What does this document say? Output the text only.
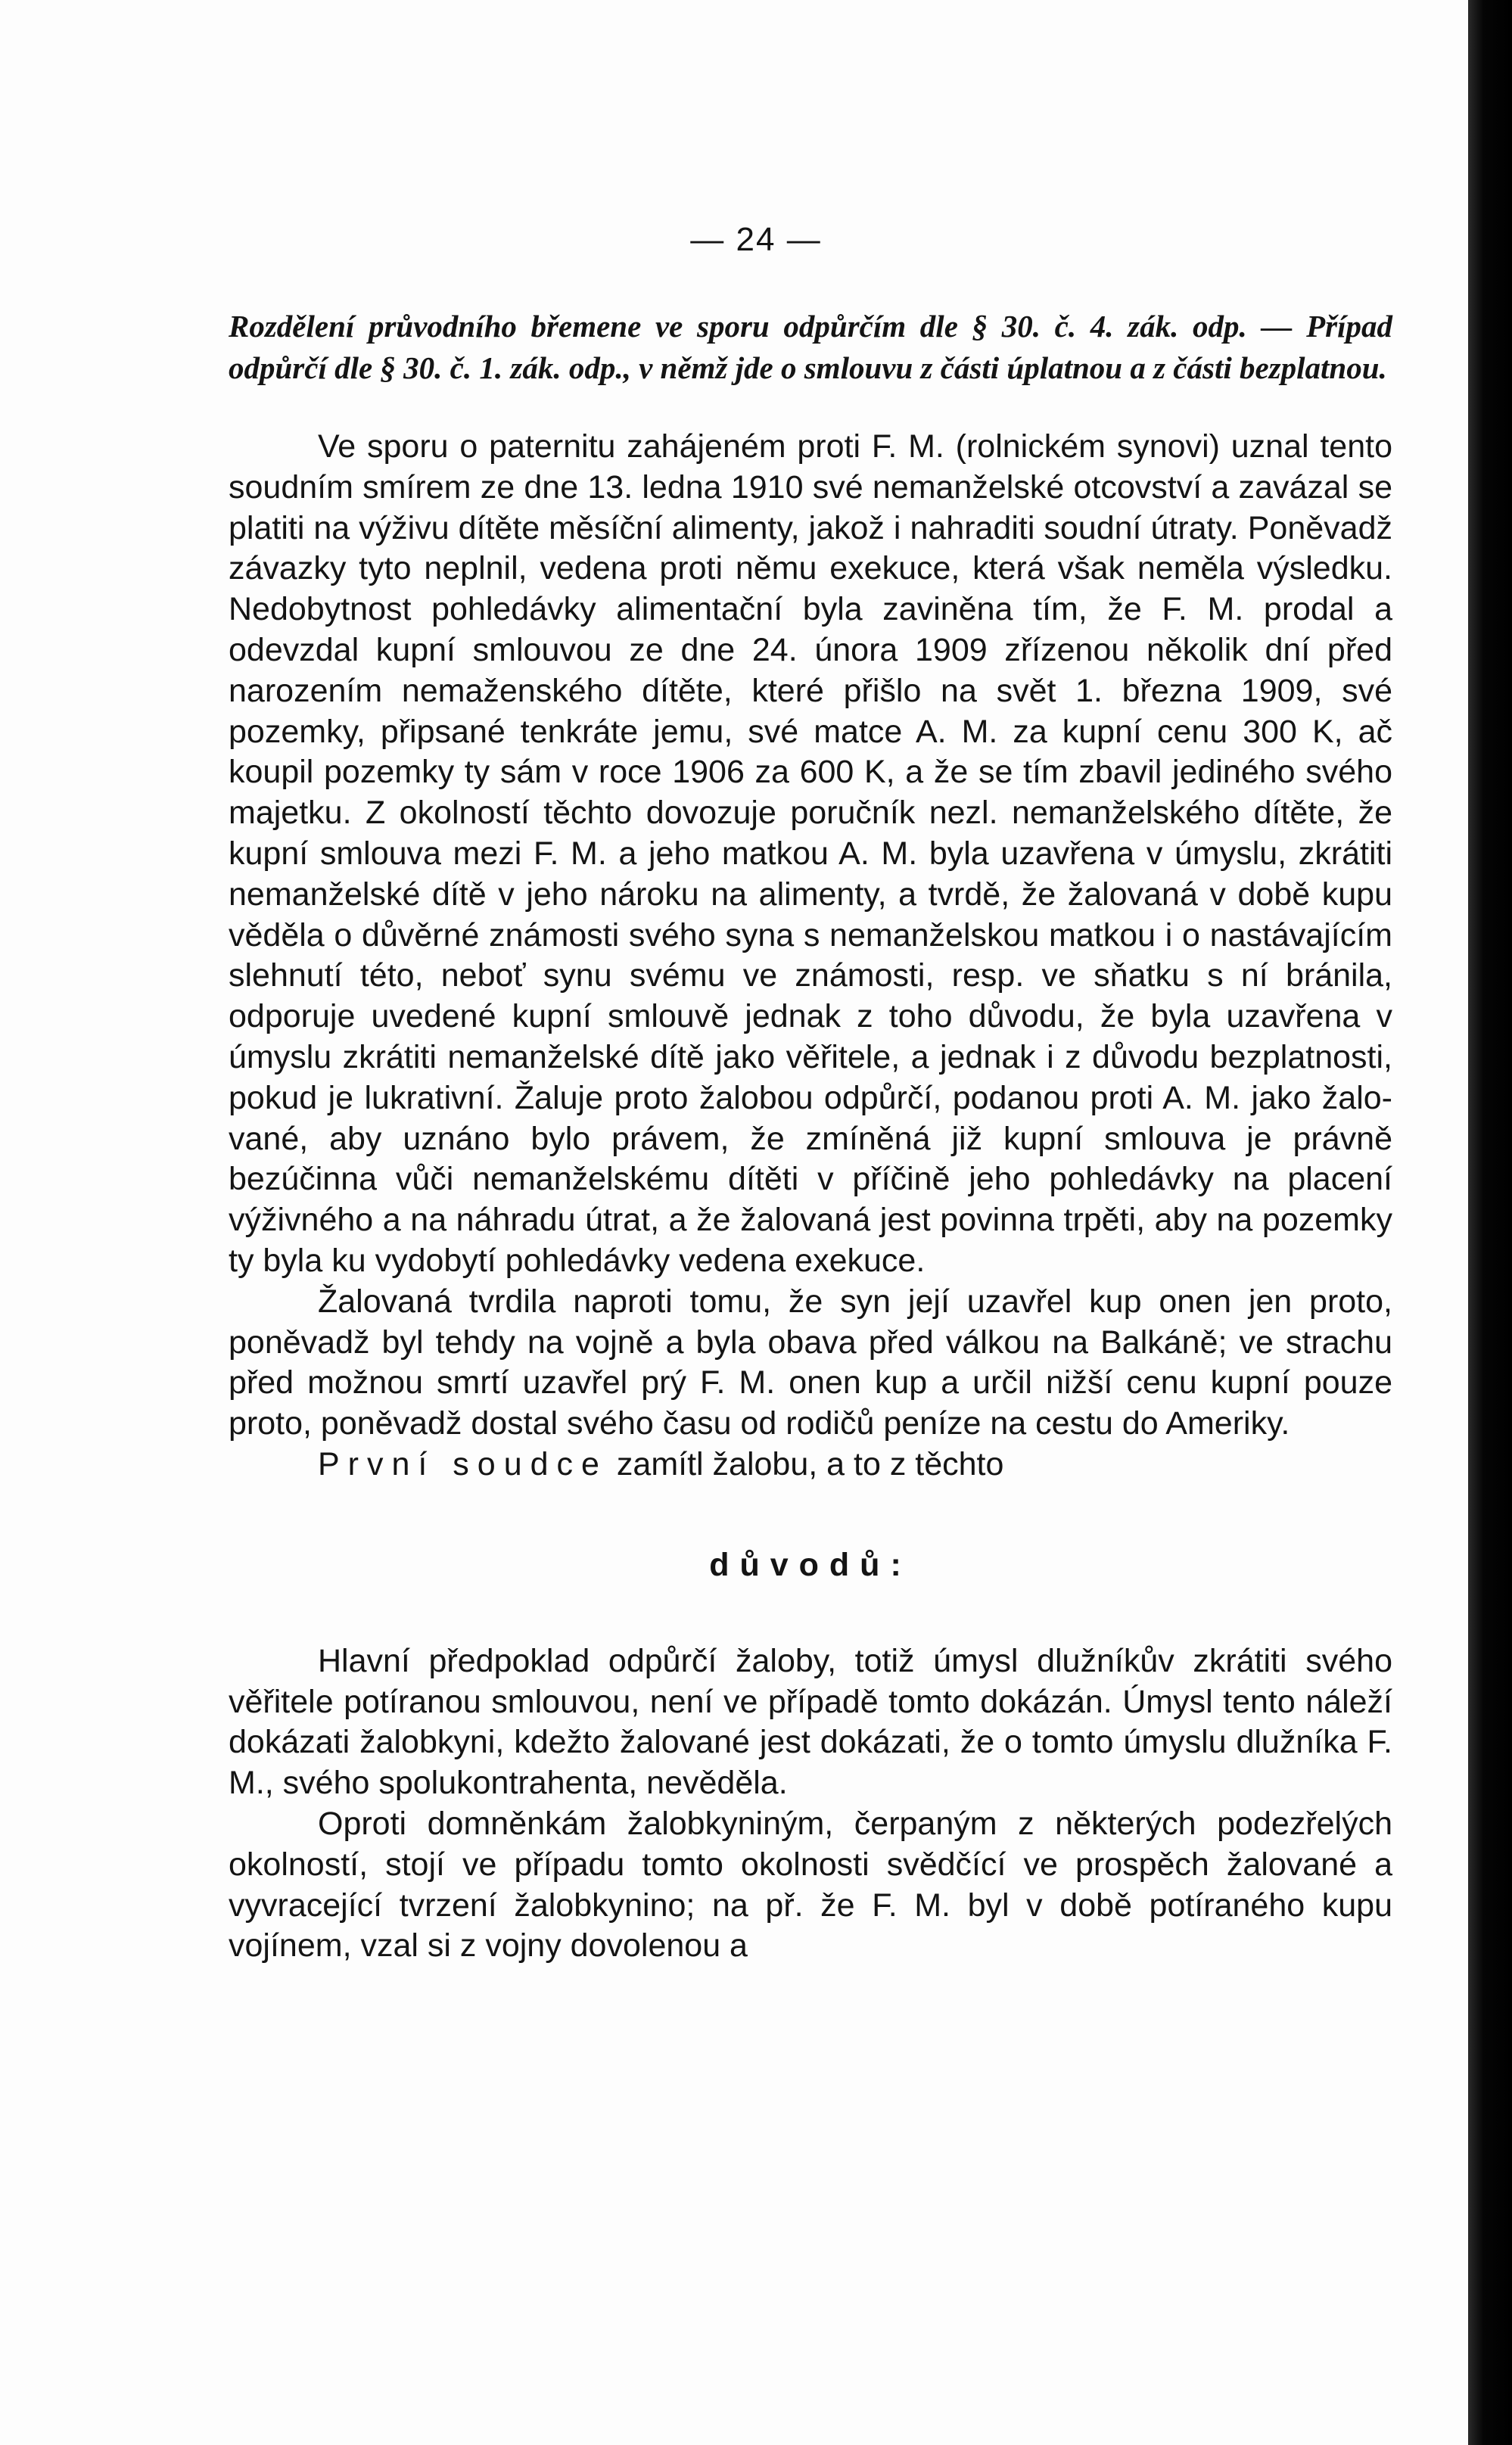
— 24 —

Rozdělení průvodního břemene ve sporu odpůrčím dle § 30. č. 4. zák. odp. — Případ odpůrčí dle § 30. č. 1. zák. odp., v němž jde o smlouvu z části úplatnou a z části bezplatnou.

Ve sporu o paternitu zahájeném proti F. M. (rolnickém synovi) uznal tento soudním smírem ze dne 13. ledna 1910 své nemanželské otcovství a zavázal se platiti na výživu dítěte měsíční alimenty, jakož i nahraditi soudní útraty. Poněvadž závazky tyto neplnil, vedena proti němu exekuce, která však neměla výsledku. Nedobytnost pohledávky alimentační byla zaviněna tím, že F. M. prodal a odevzdal kupní smlouvou ze dne 24. února 1909 zřízenou několik dní před narozením nemaženského dítěte, které přišlo na svět 1. března 1909, své pozemky, připsané tenkráte jemu, své matce A. M. za kupní cenu 300 K, ač koupil pozemky ty sám v roce 1906 za 600 K, a že se tím zbavil jediného svého majetku. Z okolností těchto dovozuje poručník nezl. nemanželského dítěte, že kupní smlouva mezi F. M. a jeho matkou A. M. byla uzavřena v úmyslu, zkrátiti nemanželské dítě v jeho nároku na alimenty, a tvrdě, že žalovaná v době kupu věděla o důvěrné známosti svého syna s nemanželskou matkou i o nastávajícím slehnutí této, neboť synu svému ve známosti, resp. ve sňatku s ní bránila, odporuje uvedené kupní smlouvě jednak z toho důvodu, že byla uzavřena v úmyslu zkrátiti nemanželské dítě jako věřitele, a jednak i z důvodu bezplatnosti, pokud je lukrativní. Žaluje proto žalobou odpůrčí, podanou proti A. M. jako žalované, aby uznáno bylo právem, že zmíněná již kupní smlouva je právně bezúčinna vůči nemanželskému dítěti v příčině jeho pohledávky na placení výživného a na náhradu útrat, a že žalovaná jest povinna trpěti, aby na pozemky ty byla ku vydobytí pohledávky vedena exekuce.

Žalovaná tvrdila naproti tomu, že syn její uzavřel kup onen jen proto, poněvadž byl tehdy na vojně a byla obava před válkou na Balkáně; ve strachu před možnou smrtí uzavřel prý F. M. onen kup a určil nižší cenu kupní pouze proto, poněvadž dostal svého času od rodičů peníze na cestu do Ameriky.

První soudce zamítl žalobu, a to z těchto

důvodů:

Hlavní předpoklad odpůrčí žaloby, totiž úmysl dlužníkův zkrátiti svého věřitele potíranou smlouvou, není ve případě tomto dokázán. Úmysl tento náleží dokázati žalobkyni, kdežto žalované jest dokázati, že o tomto úmyslu dlužníka F. M., svého spolukontrahenta, nevěděla.

Oproti domněnkám žalobkyniným, čerpaným z některých podezřelých okolností, stojí ve případu tomto okolnosti svědčící ve prospěch žalované a vyvracející tvrzení žalobkynino; na př. že F. M. byl v době potíraného kupu vojínem, vzal si z vojny dovolenou a
